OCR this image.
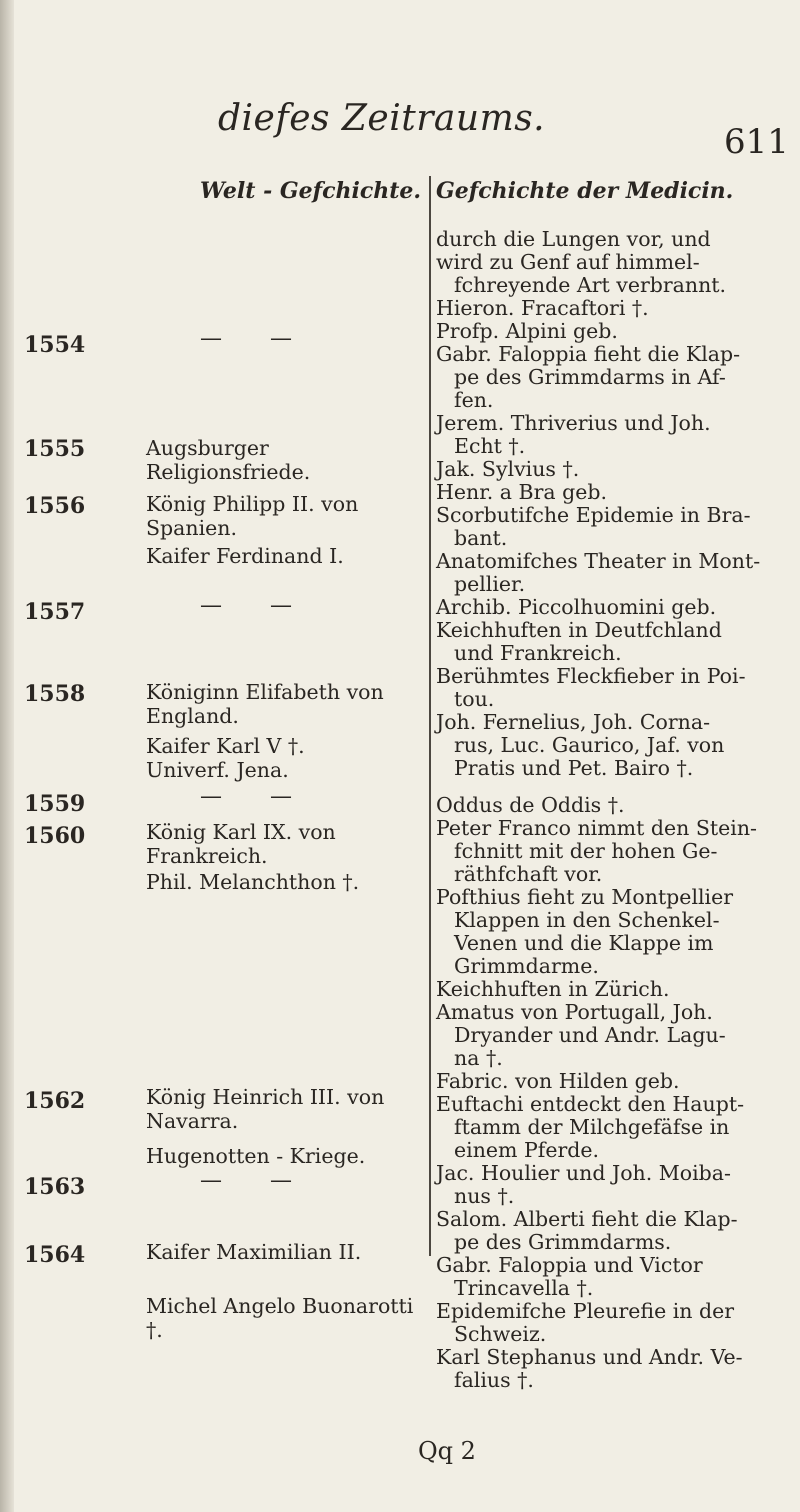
diefes Zeitraums.
611
Welt - Gefchichte. Gefchichte der Medicin.
1554
1555
1556
1557
1558
1559
1560
1562
1563
1564
— —
— —
— —
— —
Augsburger Religionsfriede.
König Philipp II. von Spanien.
Kaifer Ferdinand I.
Königinn Elifabeth von England.
Kaifer Karl V †.
Univerf. Jena.
König Karl IX. von Frankreich.
Phil. Melanchthon †.
König Heinrich III. von Navarra.
Hugenotten - Kriege.
Kaifer Maximilian II.
Michel Angelo Buonarotti †.
durch die Lungen vor, und
wird zu Genf auf himmel-
fchreyende Art verbrannt.
Hieron. Fracaftori †.
Profp. Alpini geb.
Gabr. Faloppia fieht die Klap-
pe des Grimmdarms in Af-
fen.
Jerem. Thriverius und Joh.
Echt †.
Jak. Sylvius †.
Henr. a Bra geb.
Scorbutifche Epidemie in Bra-
bant.
Anatomifches Theater in Mont-
pellier.
Archib. Piccolhuomini geb.
Keichhuften in Deutfchland
und Frankreich.
Berühmtes Fleckfieber in Poi-
tou.
Joh. Fernelius, Joh. Corna-
rus, Luc. Gaurico, Jaf. von
Pratis und Pet. Bairo †.
Oddus de Oddis †.
Peter Franco nimmt den Stein-
fchnitt mit der hohen Ge-
räthfchaft vor.
Pofthius fieht zu Montpellier
Klappen in den Schenkel-
Venen und die Klappe im
Grimmdarme.
Keichhuften in Zürich.
Amatus von Portugall, Joh.
Dryander und Andr. Lagu-
na †.
Fabric. von Hilden geb.
Euftachi entdeckt den Haupt-
ftamm der Milchgefäfse in
einem Pferde.
Jac. Houlier und Joh. Moiba-
nus †.
Salom. Alberti fieht die Klap-
pe des Grimmdarms.
Gabr. Faloppia und Victor
Trincavella †.
Epidemifche Pleurefie in der
Schweiz.
Karl Stephanus und Andr. Ve-
falius †.
Qq 2
